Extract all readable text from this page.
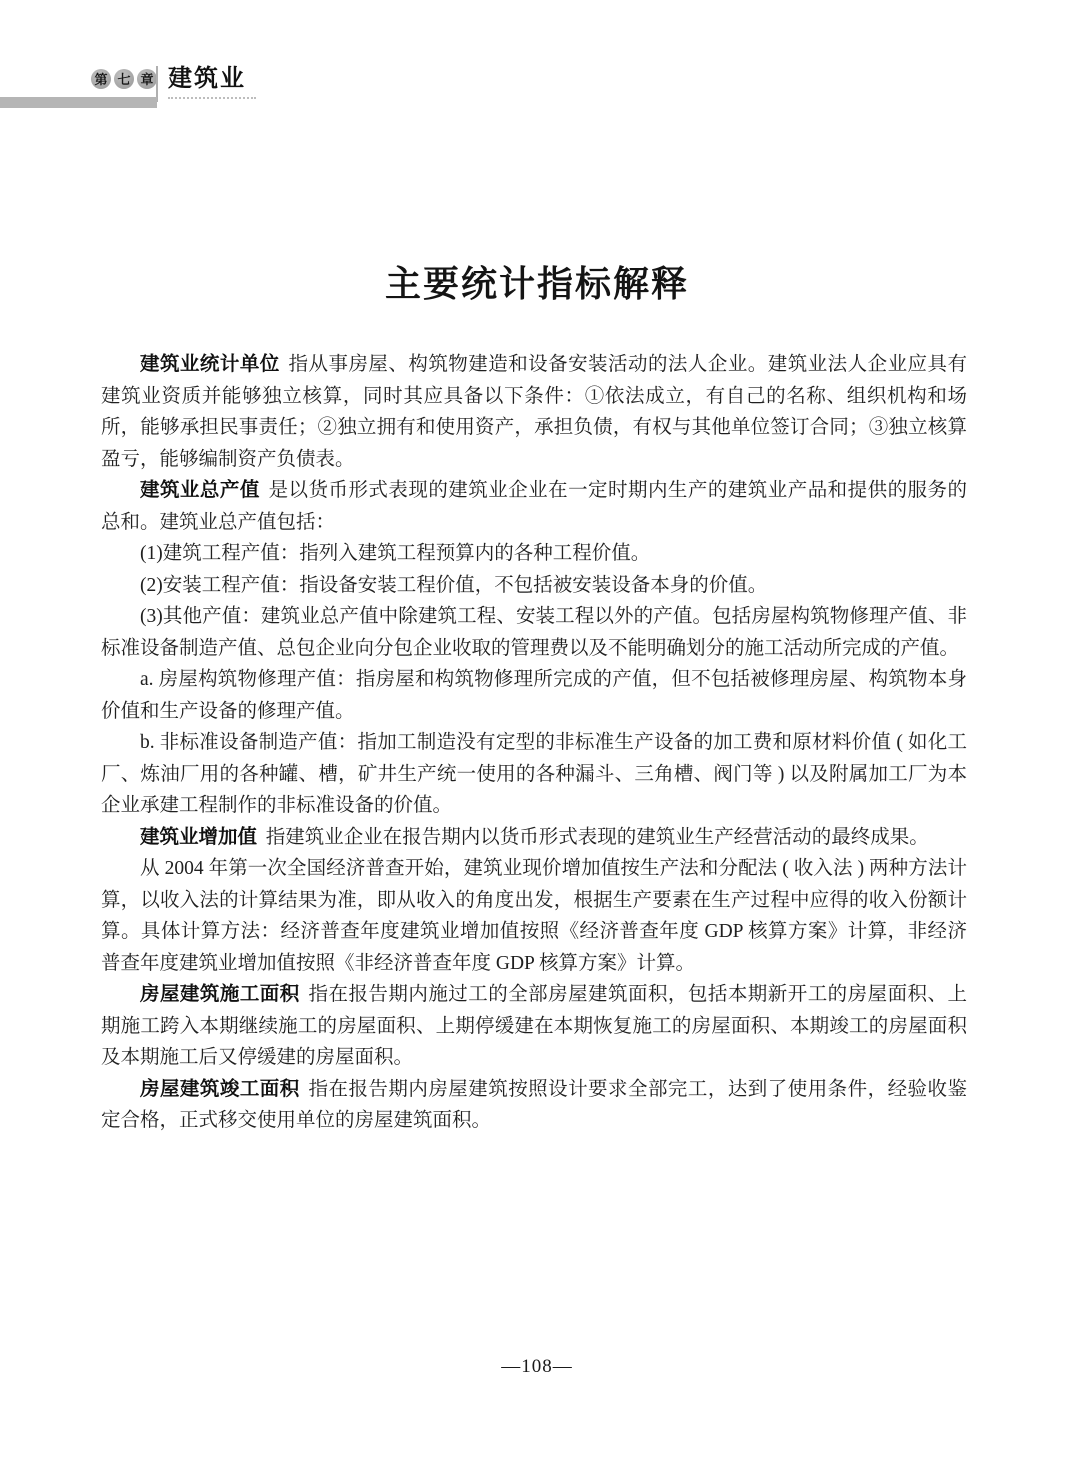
第 七 章 建筑业
主要统计指标解释

建筑业统计单位 指从事房屋、构筑物建造和设备安装活动的法人企业。建筑业法人企业应具有建筑业资质并能够独立核算，同时其应具备以下条件：①依法成立，有自己的名称、组织机构和场所，能够承担民事责任；②独立拥有和使用资产，承担负债，有权与其他单位签订合同；③独立核算盈亏，能够编制资产负债表。

建筑业总产值 是以货币形式表现的建筑业企业在一定时期内生产的建筑业产品和提供的服务的总和。建筑业总产值包括：

(1)建筑工程产值：指列入建筑工程预算内的各种工程价值。

(2)安装工程产值：指设备安装工程价值，不包括被安装设备本身的价值。

(3)其他产值：建筑业总产值中除建筑工程、安装工程以外的产值。包括房屋构筑物修理产值、非标准设备制造产值、总包企业向分包企业收取的管理费以及不能明确划分的施工活动所完成的产值。

a. 房屋构筑物修理产值：指房屋和构筑物修理所完成的产值，但不包括被修理房屋、构筑物本身价值和生产设备的修理产值。

b. 非标准设备制造产值：指加工制造没有定型的非标准生产设备的加工费和原材料价值 ( 如化工厂、炼油厂用的各种罐、槽，矿井生产统一使用的各种漏斗、三角槽、阀门等 ) 以及附属加工厂为本企业承建工程制作的非标准设备的价值。

建筑业增加值 指建筑业企业在报告期内以货币形式表现的建筑业生产经营活动的最终成果。

从 2004 年第一次全国经济普查开始，建筑业现价增加值按生产法和分配法 ( 收入法 ) 两种方法计算，以收入法的计算结果为准，即从收入的角度出发，根据生产要素在生产过程中应得的收入份额计算。具体计算方法：经济普查年度建筑业增加值按照《经济普查年度 GDP 核算方案》计算，非经济普查年度建筑业增加值按照《非经济普查年度 GDP 核算方案》计算。

房屋建筑施工面积 指在报告期内施过工的全部房屋建筑面积，包括本期新开工的房屋面积、上期施工跨入本期继续施工的房屋面积、上期停缓建在本期恢复施工的房屋面积、本期竣工的房屋面积及本期施工后又停缓建的房屋面积。

房屋建筑竣工面积 指在报告期内房屋建筑按照设计要求全部完工，达到了使用条件，经验收鉴定合格，正式移交使用单位的房屋建筑面积。

—108—
